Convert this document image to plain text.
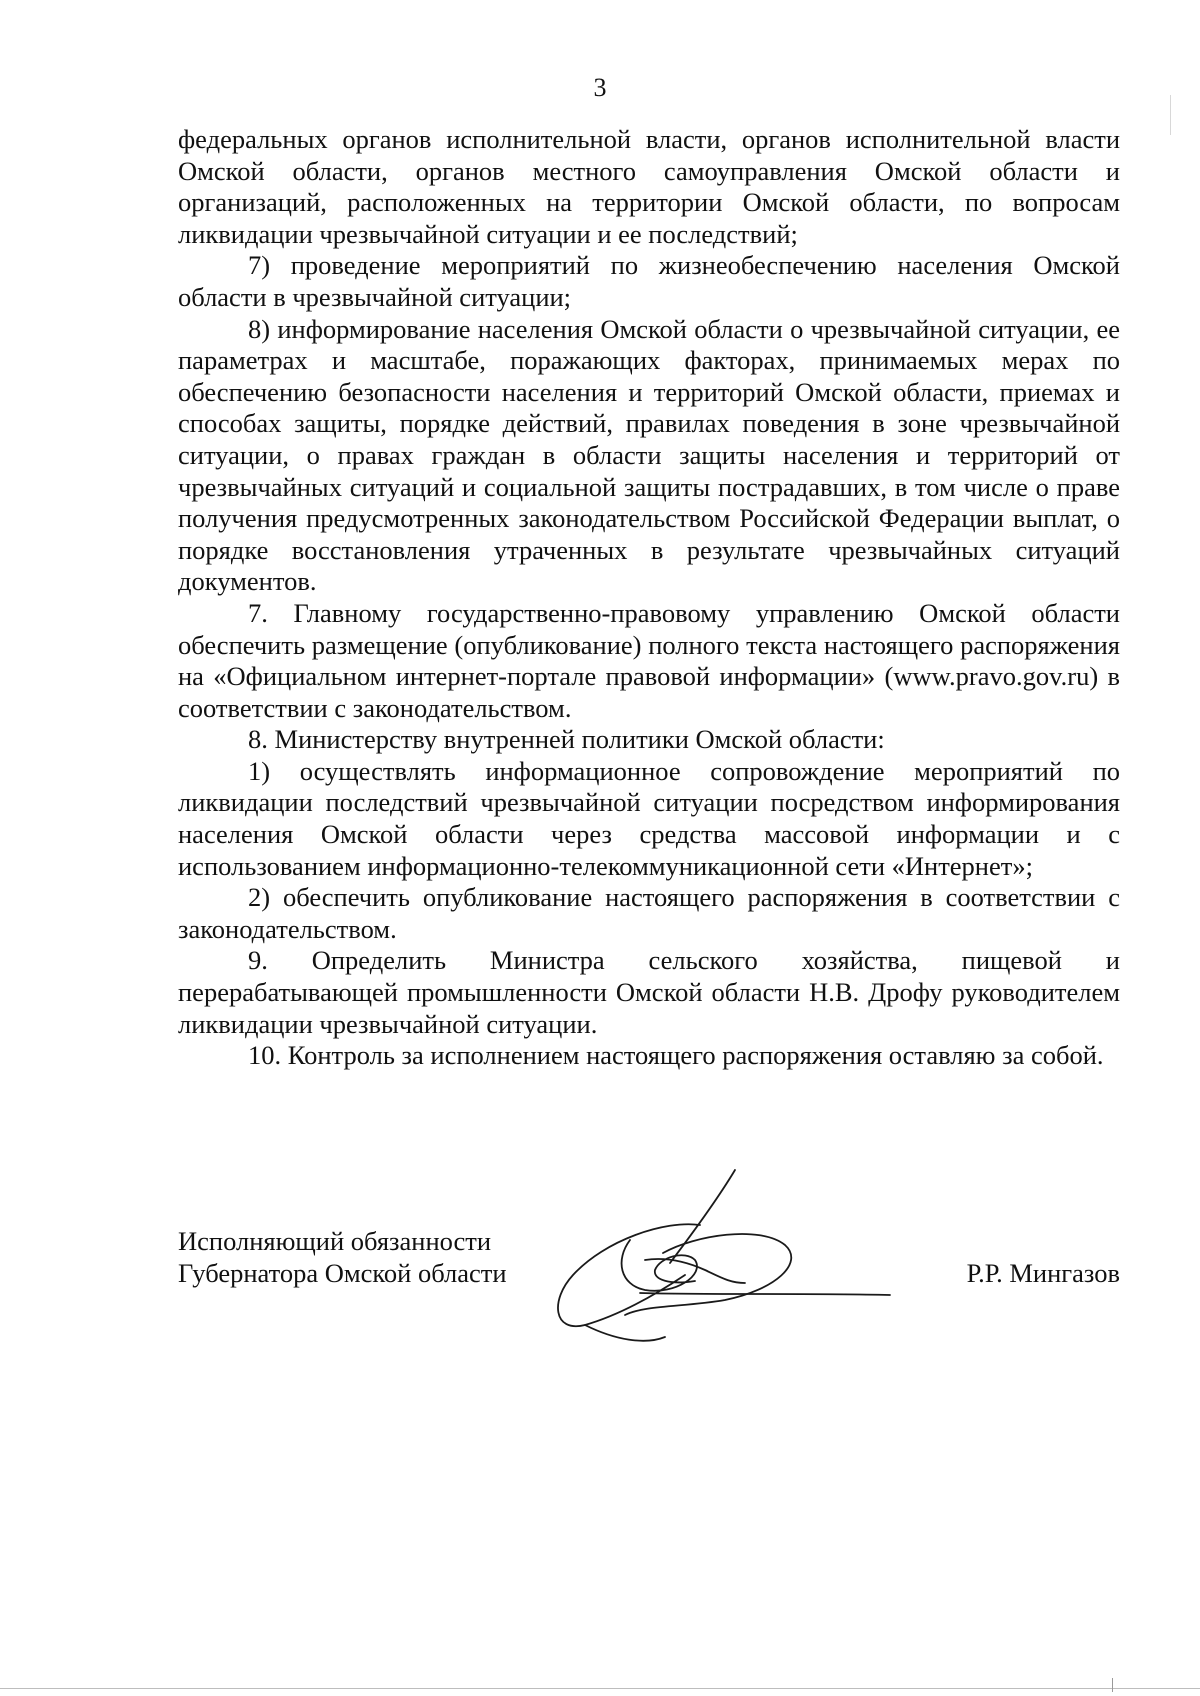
3

федеральных органов исполнительной власти, органов исполнительной власти Омской области, органов местного самоуправления Омской области и организаций, расположенных на территории Омской области, по вопросам ликвидации чрезвычайной ситуации и ее последствий;

7) проведение мероприятий по жизнеобеспечению населения Омской области в чрезвычайной ситуации;

8) информирование населения Омской области о чрезвычайной ситуации, ее параметрах и масштабе, поражающих факторах, принимаемых мерах по обеспечению безопасности населения и территорий Омской области, приемах и способах защиты, порядке действий, правилах поведения в зоне чрезвычайной ситуации, о правах граждан в области защиты населения и территорий от чрезвычайных ситуаций и социальной защиты пострадавших, в том числе о праве получения предусмотренных законодательством Российской Федерации выплат, о порядке восстановления утраченных в результате чрезвычайных ситуаций документов.

7. Главному государственно-правовому управлению Омской области обеспечить размещение (опубликование) полного текста настоящего распоряжения на «Официальном интернет-портале правовой информации» (www.pravo.gov.ru) в соответствии с законодательством.

8. Министерству внутренней политики Омской области:

1) осуществлять информационное сопровождение мероприятий по ликвидации последствий чрезвычайной ситуации посредством информирования населения Омской области через средства массовой информации и с использованием информационно-телекоммуникационной сети «Интернет»;

2) обеспечить опубликование настоящего распоряжения в соответствии с законодательством.

9. Определить Министра сельского хозяйства, пищевой и перерабатывающей промышленности Омской области Н.В. Дрофу руководителем ликвидации чрезвычайной ситуации.

10. Контроль за исполнением настоящего распоряжения оставляю за собой.

Исполняющий обязанности
Губернатора Омской области	Р.Р. Мингазов
